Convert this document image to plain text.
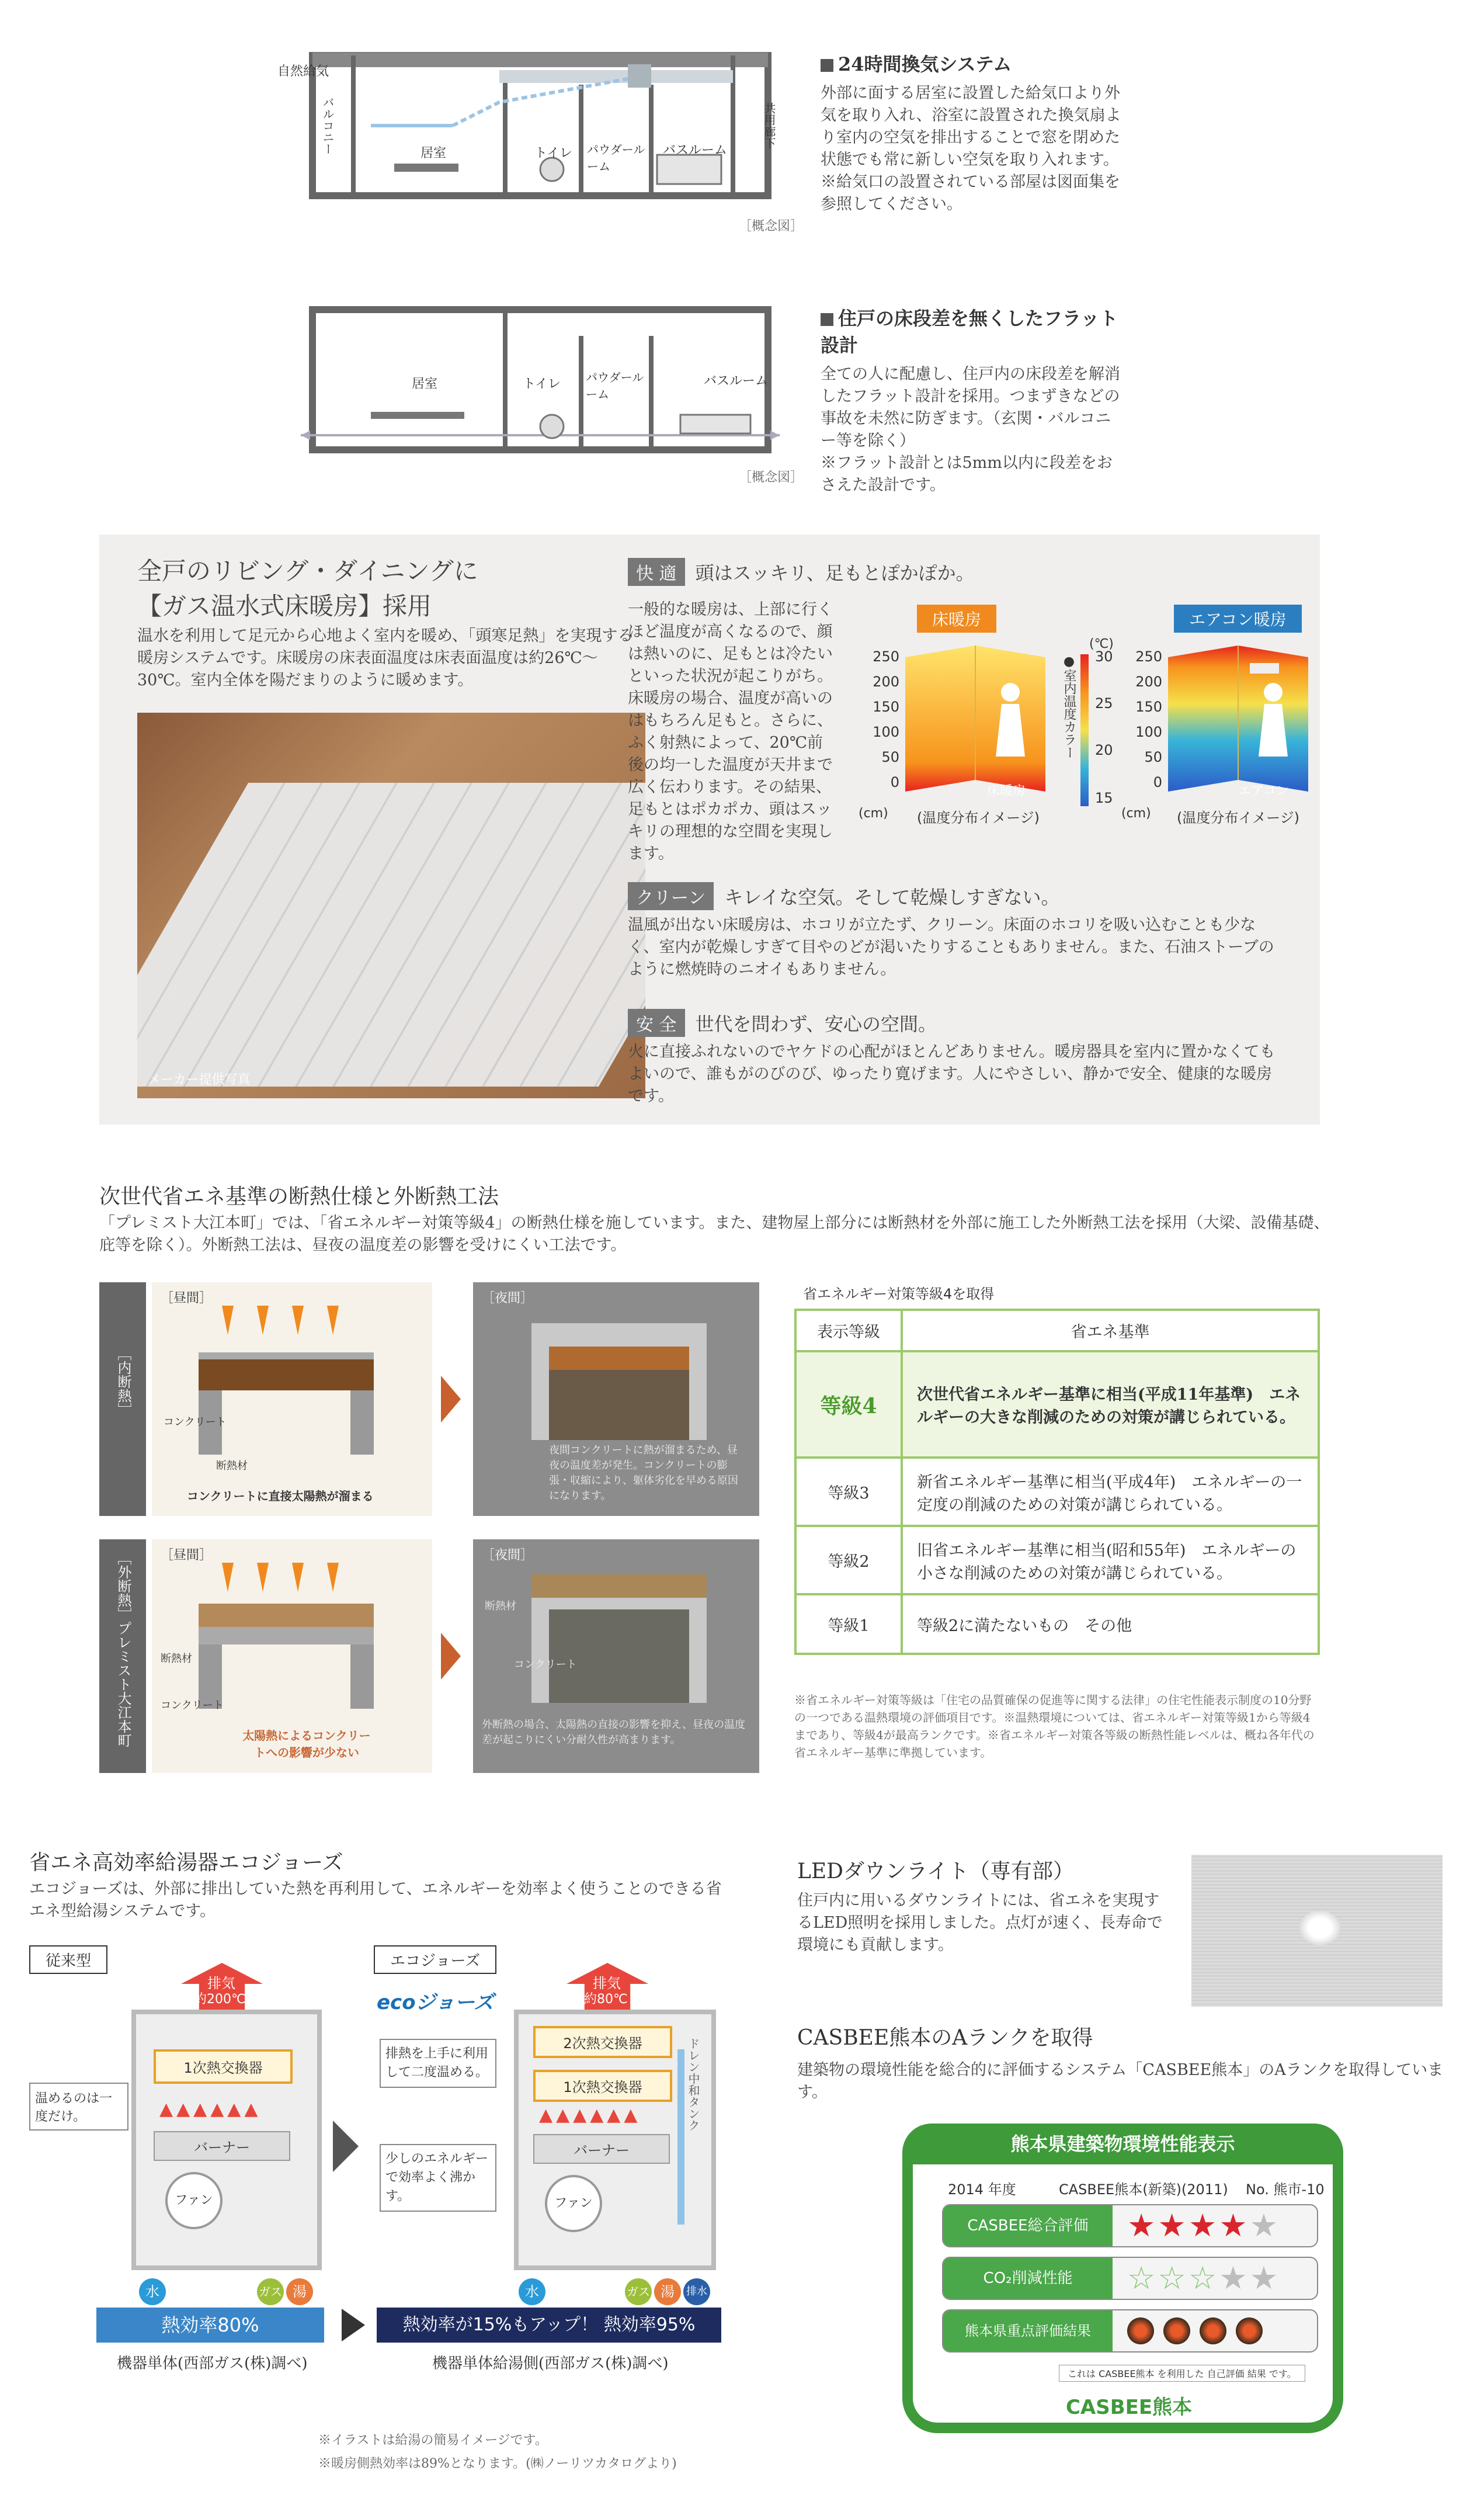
自然給気
バルコニー	居室	トイレ パウダールーム
バスルーム
共用廊下
［概念図］
24時間換気システム
外部に面する居室に設置した給気口より外気を取り入れ、浴室に設置された換気扇より室内の空気を排出することで窓を閉めた状態でも常に新しい空気を取り入れます。
※給気口の設置されている部屋は図面集を参照してください。
居室	トイレ パウダールーム
バスルーム
［概念図］
住戸の床段差を無くしたフラット設計
全ての人に配慮し、住戸内の床段差を解消したフラット設計を採用。つまずきなどの事故を未然に防ぎます。（玄関・バルコニー等を除く）
※フラット設計とは5mm以内に段差をおさえた設計です。
全戸のリビング・ダイニングに
【ガス温水式床暖房】採用
温水を利用して足元から心地よく室内を暖め、「頭寒足熱」を実現する暖房システムです。床暖房の床表面温度は床表面温度は約26℃〜30℃。室内全体を陽だまりのように暖めます。
メーカー提供写真
快 適 頭はスッキリ、足もとぽかぽか。
一般的な暖房は、上部に行くほど温度が高くなるので、顔は熱いのに、足もとは冷たいといった状況が起こりがち。床暖房の場合、温度が高いのはもちろん足もと。さらに、ふく射熱によって、20℃前後の均一した温度が天井まで広く伝わります。その結果、足もとはポカポカ、頭はスッキリの理想的な空間を実現します。
床暖房	エアコン暖房
250
200
150
100
50
0
床暖房
(cm) (温度分布イメージ)
●室内温度カラー
(℃)
30
25
20
15
250
200
150
100
50
0
エアコン
(cm) (温度分布イメージ)
クリーン キレイな空気。そして乾燥しすぎない。
温風が出ない床暖房は、ホコリが立たず、クリーン。床面のホコリを吸い込むことも少なく、室内が乾燥しすぎて目やのどが渇いたりすることもありません。また、石油ストーブのように燃焼時のニオイもありません。
安 全 世代を問わず、安心の空間。
火に直接ふれないのでヤケドの心配がほとんどありません。暖房器具を室内に置かなくてもよいので、誰もがのびのび、ゆったり寛げます。人にやさしい、静かで安全、健康的な暖房です。
次世代省エネ基準の断熱仕様と外断熱工法
「プレミスト大江本町」では、「省エネルギー対策等級4」の断熱仕様を施しています。また、建物屋上部分には断熱材を外部に施工した外断熱工法を採用（大梁、設備基礎、庇等を除く）。外断熱工法は、昼夜の温度差の影響を受けにくい工法です。
［内断熱］
［昼間］
コンクリート
断熱材
コンクリートに直接太陽熱が溜まる
［夜間］
夜間コンクリートに熱が溜まるため、昼夜の温度差が発生。コンクリートの膨張・収縮により、躯体劣化を早める原因になります。
［外断熱］プレミスト大江本町 ［昼間］
断熱材
コンクリート
太陽熱によるコンクリートへの影響が少ない
［夜間］
断熱材
コンクリート
外断熱の場合、太陽熱の直接の影響を抑え、昼夜の温度差が起こりにくい分耐久性が高まります。
省エネルギー対策等級4を取得
表示等級	省エネ基準
等級4	次世代省エネルギー基準に相当(平成11年基準)　エネルギーの大きな削減のための対策が講じられている。
等級3	新省エネルギー基準に相当(平成4年)　エネルギーの一定度の削減のための対策が講じられている。
等級2	旧省エネルギー基準に相当(昭和55年)　エネルギーの小さな削減のための対策が講じられている。
等級1	等級2に満たないもの　その他
※省エネルギー対策等級は「住宅の品質確保の促進等に関する法律」の住宅性能表示制度の10分野の一つである温熱環境の評価項目です。※温熱環境については、省エネルギー対策等級1から等級4まであり、等級4が最高ランクです。※省エネルギー対策各等級の断熱性能レベルは、概ね各年代の省エネルギー基準に準拠しています。
省エネ高効率給湯器エコジョーズ
エコジョーズは、外部に排出していた熱を再利用して、エネルギーを効率よく使うことのできる省エネ型給湯システムです。
従来型	エコジョーズ
ecoジョーズ
排気
約200℃
1次熱交換器
▲▲▲▲▲▲
バーナー
ファン
温めるのは一度だけ。
水	ガス 湯
排気
約80℃
2次熱交換器
1次熱交換器
▲▲▲▲▲▲
バーナー
ファン
ドレン中和タンク
排熱を上手に利用して二度温める。
少しのエネルギーで効率よく沸かす。
水	ガス 湯	排水
熱効率80%	熱効率が15%もアップ！ 熱効率95%
機器単体(西部ガス(株)調べ)	機器単体給湯側(西部ガス(株)調べ)
※イラストは給湯の簡易イメージです。
※暖房側熱効率は89%となります。(㈱ノーリツカタログより)
LEDダウンライト（専有部）
住戸内に用いるダウンライトには、省エネを実現するLED照明を採用しました。点灯が速く、長寿命で環境にも貢献します。
CASBEE熊本のAランクを取得
建築物の環境性能を総合的に評価するシステム「CASBEE熊本」のAランクを取得しています。
熊本県建築物環境性能表示
2014 年度	CASBEE熊本(新築)(2011) No. 熊市-10
CASBEE総合評価	★★★★★
CO₂削減性能	☆☆☆★★
熊本県重点評価結果
これは CASBEE熊本 を利用した 自己評価 結果 です。
CASBEE熊本
